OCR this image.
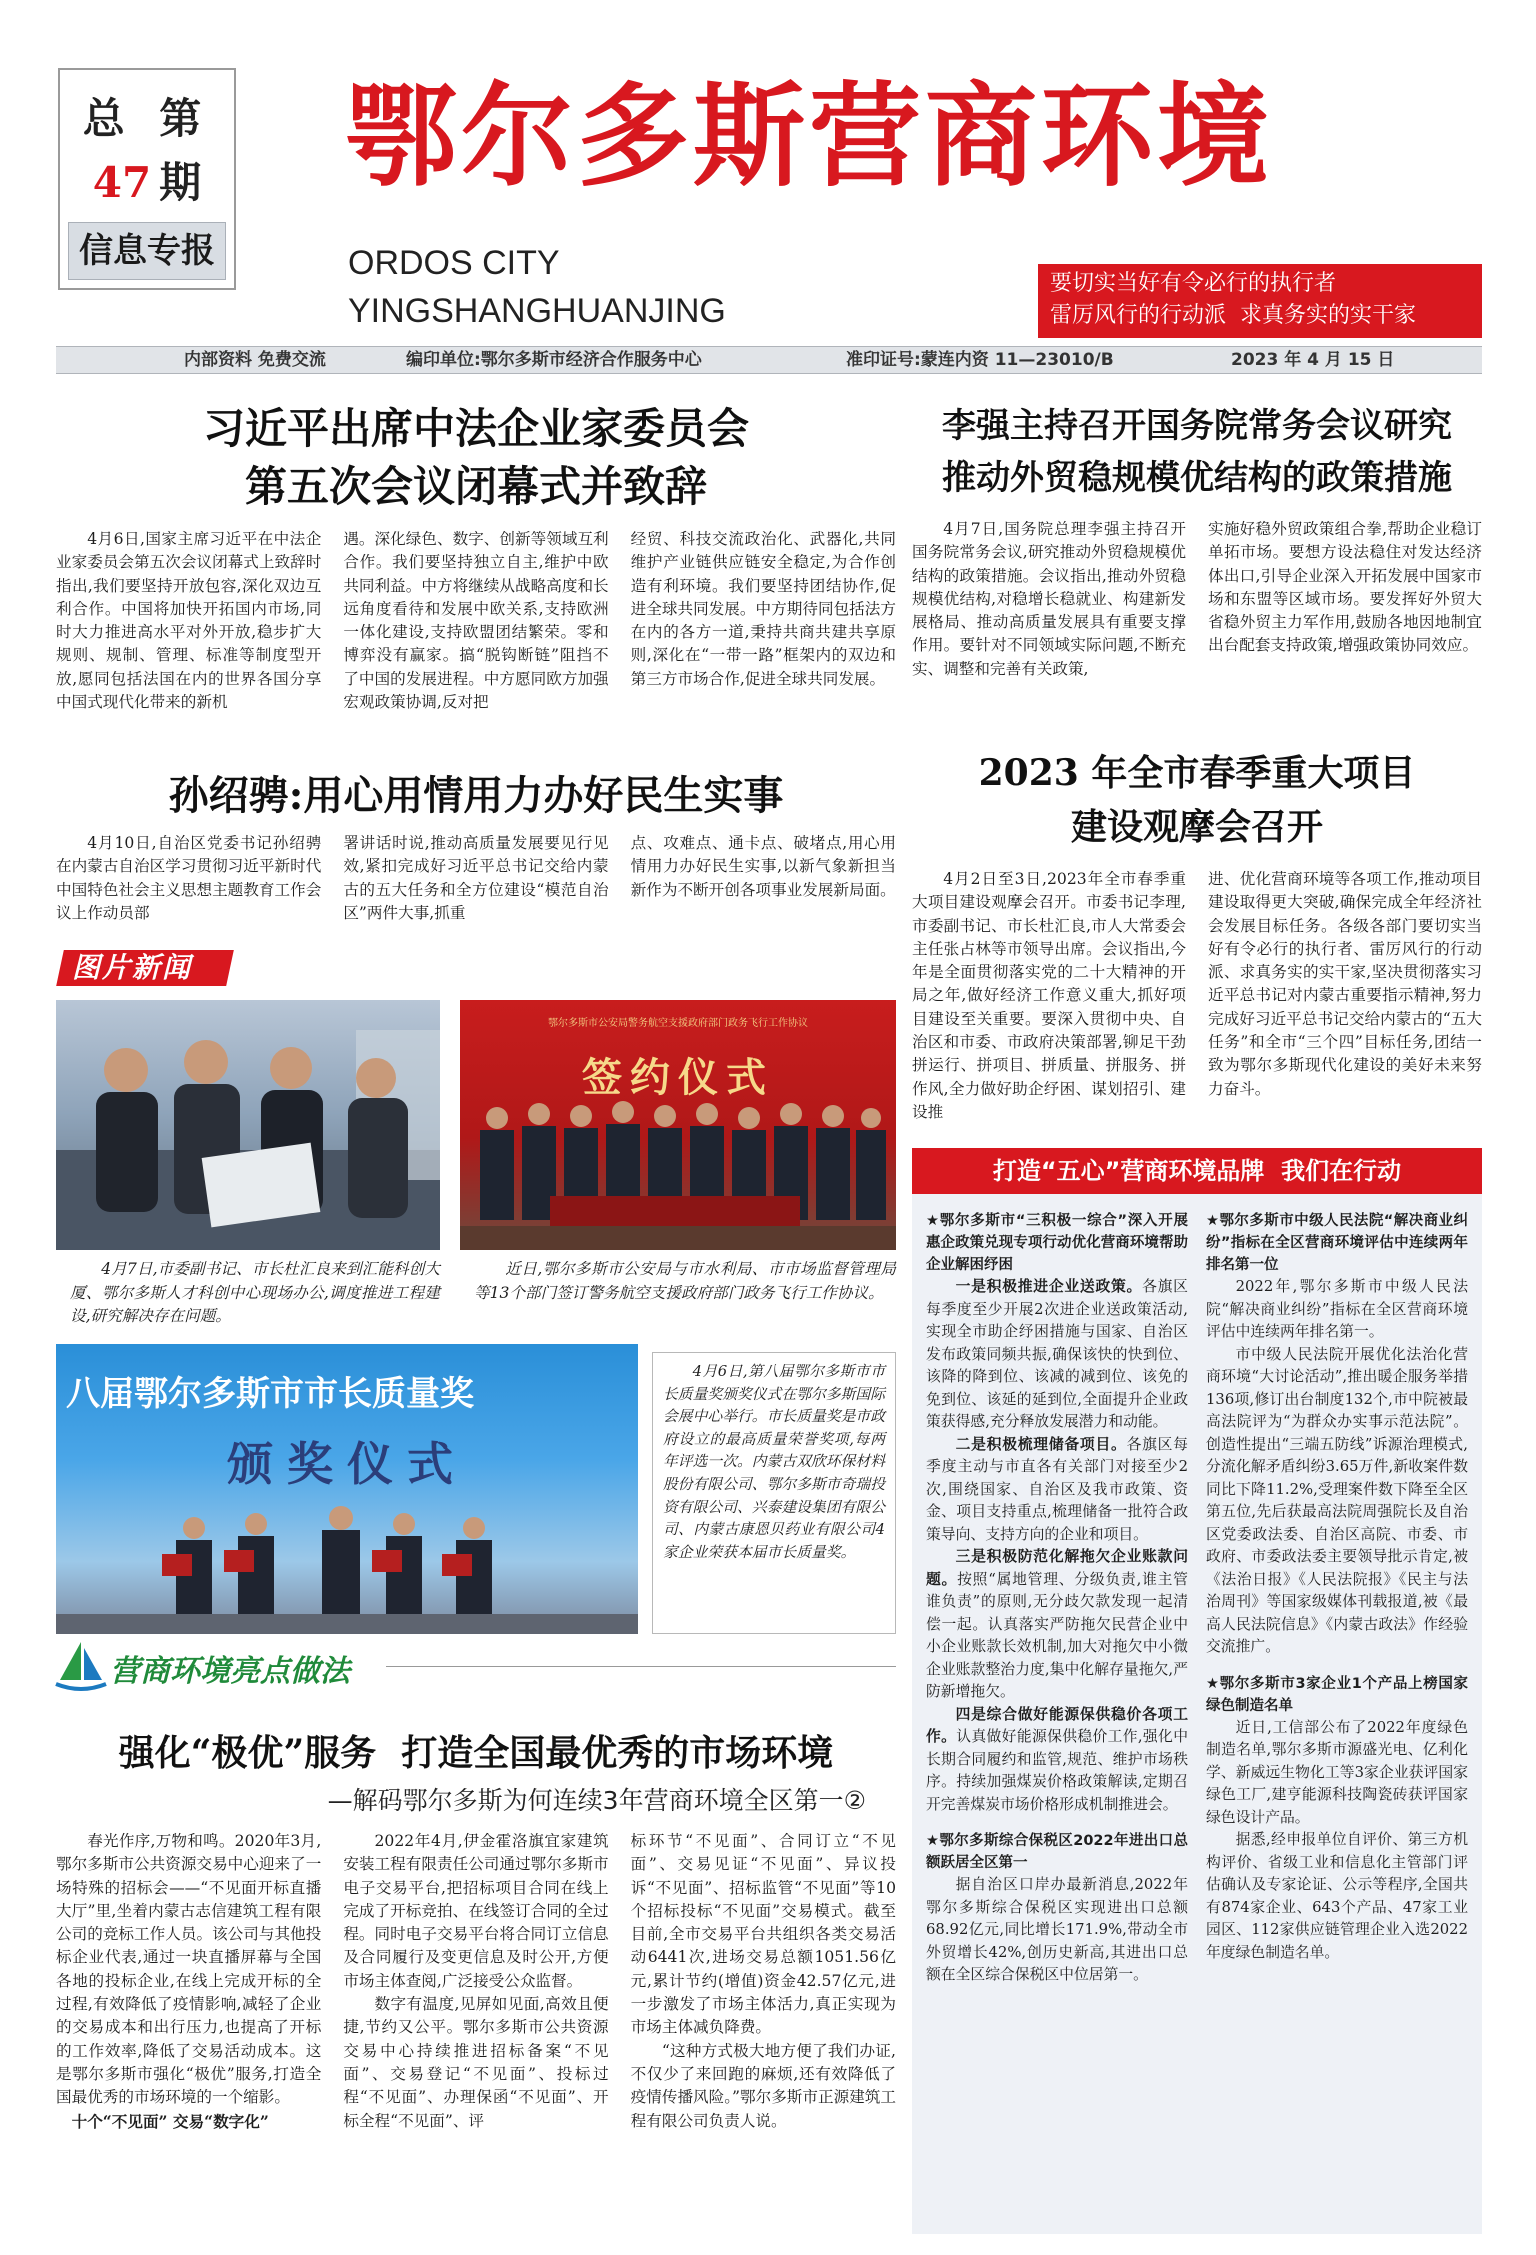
总 第
47 期
信息专报
鄂尔多斯营商环境
ORDOS CITY
YINGSHANGHUANJING
要切实当好有令必行的执行者
雷厉风行的行动派  求真务实的实干家
内部资料 免费交流	编印单位:鄂尔多斯市经济合作服务中心	准印证号:蒙连内资 11—23010/B	2023 年 4 月 15 日
习近平出席中法企业家委员会
第五次会议闭幕式并致辞

4月6日,国家主席习近平在中法企业家委员会第五次会议闭幕式上致辞时指出,我们要坚持开放包容,深化双边互利合作。中国将加快开拓国内市场,同时大力推进高水平对外开放,稳步扩大规则、规制、管理、标准等制度型开放,愿同包括法国在内的世界各国分享中国式现代化带来的新机

遇。深化绿色、数字、创新等领域互利合作。我们要坚持独立自主,维护中欧共同利益。中方将继续从战略高度和长远角度看待和发展中欧关系,支持欧洲一体化建设,支持欧盟团结繁荣。零和博弈没有赢家。搞“脱钩断链”阻挡不了中国的发展进程。中方愿同欧方加强宏观政策协调,反对把

经贸、科技交流政治化、武器化,共同维护产业链供应链安全稳定,为合作创造有利环境。我们要坚持团结协作,促进全球共同发展。中方期待同包括法方在内的各方一道,秉持共商共建共享原则,深化在“一带一路”框架内的双边和第三方市场合作,促进全球共同发展。

孙绍骋:用心用情用力办好民生实事

4月10日,自治区党委书记孙绍骋在内蒙古自治区学习贯彻习近平新时代中国特色社会主义思想主题教育工作会议上作动员部

署讲话时说,推动高质量发展要见行见效,紧扣完成好习近平总书记交给内蒙古的五大任务和全方位建设“模范自治区”两件大事,抓重

点、攻难点、通卡点、破堵点,用心用情用力办好民生实事,以新气象新担当新作为不断开创各项事业发展新局面。

图片新闻
4月7日,市委副书记、市长杜汇良来到汇能科创大厦、鄂尔多斯人才科创中心现场办公,调度推进工程建设,研究解决存在问题。
鄂尔多斯市公安局警务航空支援政府部门政务飞行工作协议
签约仪式
近日,鄂尔多斯市公安局与市水利局、市市场监督管理局等13个部门签订警务航空支援政府部门政务飞行工作协议。
八届鄂尔多斯市市长质量奖
颁奖仪式
4月6日,第八届鄂尔多斯市市长质量奖颁奖仪式在鄂尔多斯国际会展中心举行。市长质量奖是市政府设立的最高质量荣誉奖项,每两年评选一次。内蒙古双欣环保材料股份有限公司、鄂尔多斯市奇瑞投资有限公司、兴泰建设集团有限公司、内蒙古康恩贝药业有限公司4家企业荣获本届市长质量奖。
营商环境亮点做法
强化“极优”服务  打造全国最优秀的市场环境
—解码鄂尔多斯为何连续3年营商环境全区第一②

春光作序,万物和鸣。2020年3月,鄂尔多斯市公共资源交易中心迎来了一场特殊的招标会——“不见面开标直播大厅”里,坐着内蒙古志信建筑工程有限公司的竞标工作人员。该公司与其他投标企业代表,通过一块直播屏幕与全国各地的投标企业,在线上完成开标的全过程,有效降低了疫情影响,减轻了企业的交易成本和出行压力,也提高了开标的工作效率,降低了交易活动成本。这是鄂尔多斯市强化“极优”服务,打造全国最优秀的市场环境的一个缩影。

十个“不见面” 交易“数字化”

2022年4月,伊金霍洛旗宜家建筑安装工程有限责任公司通过鄂尔多斯市电子交易平台,把招标项目合同在线上完成了开标竞拍、在线签订合同的全过程。同时电子交易平台将合同订立信息及合同履行及变更信息及时公开,方便市场主体查阅,广泛接受公众监督。

数字有温度,见屏如见面,高效且便捷,节约又公平。鄂尔多斯市公共资源交易中心持续推进招标备案“不见面”、交易登记“不见面”、投标过程“不见面”、办理保函“不见面”、开标全程“不见面”、评

标环节“不见面”、合同订立“不见面”、交易见证“不见面”、异议投诉“不见面”、招标监管“不见面”等10个招标投标“不见面”交易模式。截至目前,全市交易平台共组织各类交易活动6441次,进场交易总额1051.56亿元,累计节约(增值)资金42.57亿元,进一步激发了市场主体活力,真正实现为市场主体减负降费。

“这种方式极大地方便了我们办证,不仅少了来回跑的麻烦,还有效降低了疫情传播风险。”鄂尔多斯市正源建筑工程有限公司负责人说。

李强主持召开国务院常务会议研究
推动外贸稳规模优结构的政策措施

4月7日,国务院总理李强主持召开国务院常务会议,研究推动外贸稳规模优结构的政策措施。会议指出,推动外贸稳规模优结构,对稳增长稳就业、构建新发展格局、推动高质量发展具有重要支撑作用。要针对不同领域实际问题,不断充实、调整和完善有关政策,

实施好稳外贸政策组合拳,帮助企业稳订单拓市场。要想方设法稳住对发达经济体出口,引导企业深入开拓发展中国家市场和东盟等区域市场。要发挥好外贸大省稳外贸主力军作用,鼓励各地因地制宜出台配套支持政策,增强政策协同效应。

2023 年全市春季重大项目
建设观摩会召开

4月2日至3日,2023年全市春季重大项目建设观摩会召开。市委书记李理,市委副书记、市长杜汇良,市人大常委会主任张占林等市领导出席。会议指出,今年是全面贯彻落实党的二十大精神的开局之年,做好经济工作意义重大,抓好项目建设至关重要。要深入贯彻中央、自治区和市委、市政府决策部署,铆足干劲拼运行、拼项目、拼质量、拼服务、拼作风,全力做好助企纾困、谋划招引、建设推

进、优化营商环境等各项工作,推动项目建设取得更大突破,确保完成全年经济社会发展目标任务。各级各部门要切实当好有令必行的执行者、雷厉风行的行动派、求真务实的实干家,坚决贯彻落实习近平总书记对内蒙古重要指示精神,努力完成好习近平总书记交给内蒙古的“五大任务”和全市“三个四”目标任务,团结一致为鄂尔多斯现代化建设的美好未来努力奋斗。

打造“五心”营商环境品牌  我们在行动
★鄂尔多斯市“三积极一综合”深入开展惠企政策兑现专项行动优化营商环境帮助企业解困纾困

一是积极推进企业送政策。各旗区每季度至少开展2次进企业送政策活动,实现全市助企纾困措施与国家、自治区发布政策同频共振,确保该快的快到位、该降的降到位、该减的减到位、该免的免到位、该延的延到位,全面提升企业政策获得感,充分释放发展潜力和动能。

二是积极梳理储备项目。各旗区每季度主动与市直各有关部门对接至少2次,围绕国家、自治区及我市政策、资金、项目支持重点,梳理储备一批符合政策导向、支持方向的企业和项目。

三是积极防范化解拖欠企业账款问题。按照“属地管理、分级负责,谁主管谁负责”的原则,无分歧欠款发现一起清偿一起。认真落实严防拖欠民营企业中小企业账款长效机制,加大对拖欠中小微企业账款整治力度,集中化解存量拖欠,严防新增拖欠。

四是综合做好能源保供稳价各项工作。认真做好能源保供稳价工作,强化中长期合同履约和监管,规范、维护市场秩序。持续加强煤炭价格政策解读,定期召开完善煤炭市场价格形成机制推进会。

★鄂尔多斯综合保税区2022年进出口总额跃居全区第一

据自治区口岸办最新消息,2022年鄂尔多斯综合保税区实现进出口总额68.92亿元,同比增长171.9%,带动全市外贸增长42%,创历史新高,其进出口总额在全区综合保税区中位居第一。

★鄂尔多斯市中级人民法院“解决商业纠纷”指标在全区营商环境评估中连续两年排名第一位

2022年,鄂尔多斯市中级人民法院“解决商业纠纷”指标在全区营商环境评估中连续两年排名第一。

市中级人民法院开展优化法治化营商环境“大讨论活动”,推出暖企服务举措136项,修订出台制度132个,市中院被最高法院评为“为群众办实事示范法院”。创造性提出“三端五防线”诉源治理模式,分流化解矛盾纠纷3.65万件,新收案件数同比下降11.2%,受理案件数下降至全区第五位,先后获最高法院周强院长及自治区党委政法委、自治区高院、市委、市政府、市委政法委主要领导批示肯定,被《法治日报》《人民法院报》《民主与法治周刊》等国家级媒体刊载报道,被《最高人民法院信息》《内蒙古政法》作经验交流推广。

★鄂尔多斯市3家企业1个产品上榜国家绿色制造名单

近日,工信部公布了2022年度绿色制造名单,鄂尔多斯市源盛光电、亿利化学、新威远生物化工等3家企业获评国家绿色工厂,建亨能源科技陶瓷砖获评国家绿色设计产品。

据悉,经申报单位自评价、第三方机构评价、省级工业和信息化主管部门评估确认及专家论证、公示等程序,全国共有874家企业、643个产品、47家工业园区、112家供应链管理企业入选2022年度绿色制造名单。
